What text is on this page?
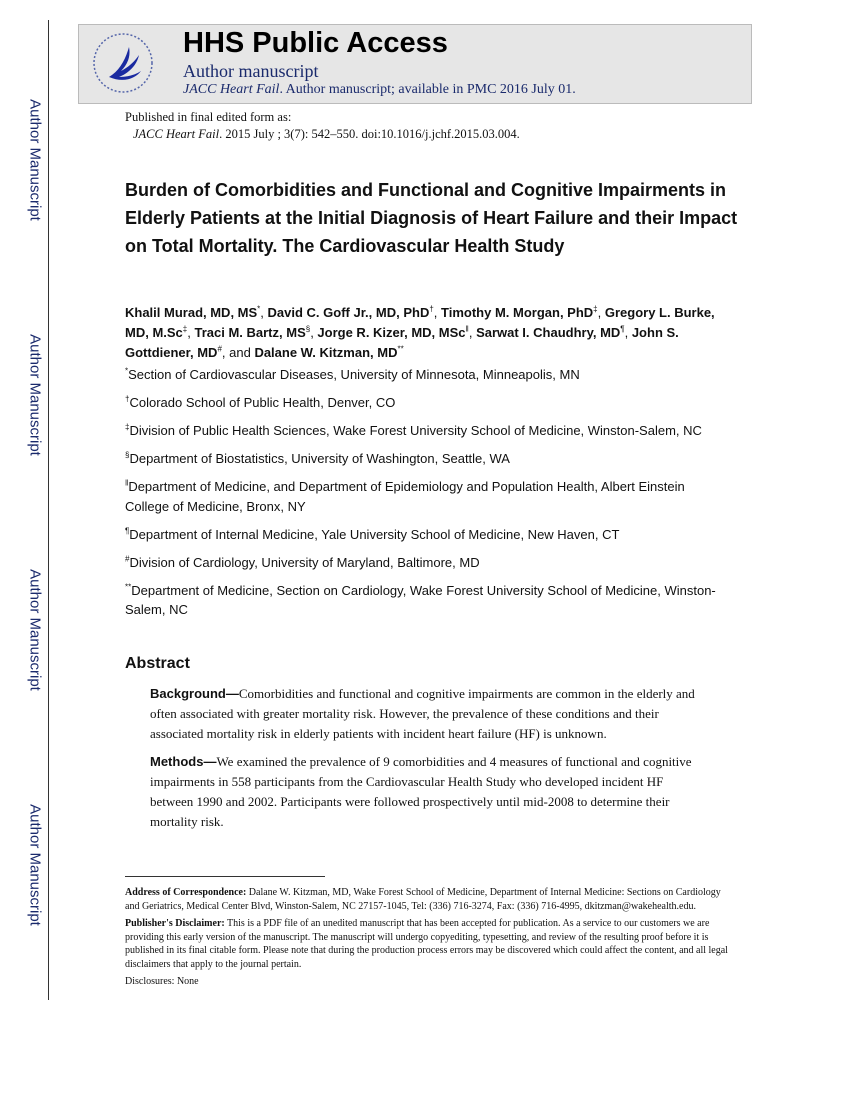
Author Manuscript
Author Manuscript
Author Manuscript
Author Manuscript
HHS Public Access
Author manuscript
JACC Heart Fail. Author manuscript; available in PMC 2016 July 01.
Published in final edited form as:
JACC Heart Fail. 2015 July ; 3(7): 542–550. doi:10.1016/j.jchf.2015.03.004.
Burden of Comorbidities and Functional and Cognitive Impairments in Elderly Patients at the Initial Diagnosis of Heart Failure and their Impact on Total Mortality. The Cardiovascular Health Study
Khalil Murad, MD, MS*, David C. Goff Jr., MD, PhD†, Timothy M. Morgan, PhD‡, Gregory L. Burke, MD, M.Sc‡, Traci M. Bartz, MS§, Jorge R. Kizer, MD, MSc‖, Sarwat I. Chaudhry, MD¶, John S. Gottdiener, MD#, and Dalane W. Kitzman, MD**

*Section of Cardiovascular Diseases, University of Minnesota, Minneapolis, MN

†Colorado School of Public Health, Denver, CO

‡Division of Public Health Sciences, Wake Forest University School of Medicine, Winston-Salem, NC

§Department of Biostatistics, University of Washington, Seattle, WA

‖Department of Medicine, and Department of Epidemiology and Population Health, Albert Einstein College of Medicine, Bronx, NY

¶Department of Internal Medicine, Yale University School of Medicine, New Haven, CT

#Division of Cardiology, University of Maryland, Baltimore, MD

**Department of Medicine, Section on Cardiology, Wake Forest University School of Medicine, Winston-Salem, NC

Abstract

Background—Comorbidities and functional and cognitive impairments are common in the elderly and often associated with greater mortality risk. However, the prevalence of these conditions and their associated mortality risk in elderly patients with incident heart failure (HF) is unknown.

Methods—We examined the prevalence of 9 comorbidities and 4 measures of functional and cognitive impairments in 558 participants from the Cardiovascular Health Study who developed incident HF between 1990 and 2002. Participants were followed prospectively until mid-2008 to determine their mortality risk.

Address of Correspondence: Dalane W. Kitzman, MD, Wake Forest School of Medicine, Department of Internal Medicine: Sections on Cardiology and Geriatrics, Medical Center Blvd, Winston-Salem, NC 27157-1045, Tel: (336) 716-3274, Fax: (336) 716-4995, dkitzman@wakehealth.edu.

Publisher's Disclaimer: This is a PDF file of an unedited manuscript that has been accepted for publication. As a service to our customers we are providing this early version of the manuscript. The manuscript will undergo copyediting, typesetting, and review of the resulting proof before it is published in its final citable form. Please note that during the production process errors may be discovered which could affect the content, and all legal disclaimers that apply to the journal pertain.

Disclosures: None
